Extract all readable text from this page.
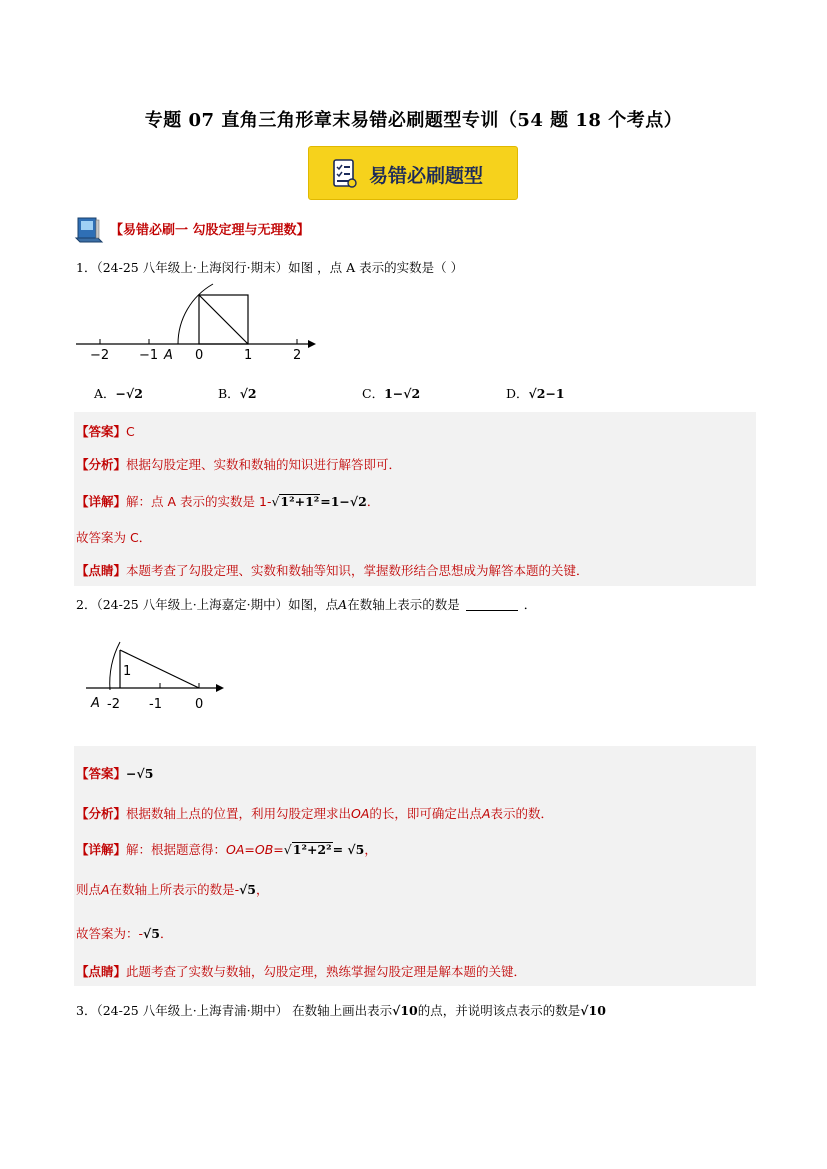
专题 07 直角三角形章末易错必刷题型专训（54 题 18 个考点）
易错必刷题型
【易错必刷一 勾股定理与无理数】
1．（24-25 八年级上·上海闵行·期末）如图 ，点 A 表示的实数是（ ）
−2 −1	0	1	2
A
A．−√2	B．√2	C．1−√2	D．√2−1
【答案】C
【分析】根据勾股定理、实数和数轴的知识进行解答即可．
【详解】解：点 A 表示的实数是 1-√1²+1²=1−√2．
故答案为 C．
【点睛】本题考查了勾股定理、实数和数轴等知识，掌握数形结合思想成为解答本题的关键．
2．（24-25 八年级上·上海嘉定·期中）如图，点A在数轴上表示的数是	．
1
A -2 -1	0
【答案】−√5
【分析】根据数轴上点的位置，利用勾股定理求出OA的长，即可确定出点A表示的数．
【详解】解：根据题意得：OA=OB=√1²+2²= √5，
则点A在数轴上所表示的数是-√5，
故答案为：-√5．
【点睛】此题考查了实数与数轴，勾股定理，熟练掌握勾股定理是解本题的关键．
3．（24-25 八年级上·上海青浦·期中） 在数轴上画出表示√10的点，并说明该点表示的数是√10
